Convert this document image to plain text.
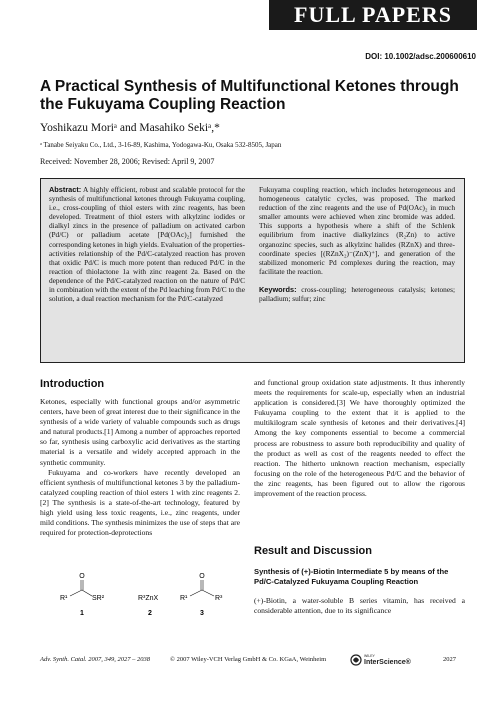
FULL PAPERS
DOI: 10.1002/adsc.200600610
A Practical Synthesis of Multifunctional Ketones through the Fukuyama Coupling Reaction
Yoshikazu Moriᵃ and Masahiko Sekiᵃ,*
ᵃ Tanabe Seiyaku Co., Ltd., 3-16-89, Kashima, Yodogawa-Ku, Osaka 532-8505, Japan
Received: November 28, 2006; Revised: April 9, 2007
Abstract: A highly efficient, robust and scalable protocol for the synthesis of multifunctional ketones through Fukuyama coupling, i.e., cross-coupling of thiol esters with zinc reagents, has been developed. Treatment of thiol esters with alkylzinc iodides or dialkyl zincs in the presence of palladium on activated carbon (Pd/C) or palladium acetate [Pd(OAc)₂] furnished the corresponding ketones in high yields. Evaluation of the properties-activities relationship of the Pd/C-catalyzed reaction has proven that oxidic Pd/C is much more potent than reduced Pd/C in the reaction of thiolactone 1a with zinc reagent 2a. Based on the dependence of the Pd/C-catalyzed reaction on the nature of Pd/C in combination with the extent of the Pd leaching from Pd/C to the solution, a dual reaction mechanism for the Pd/C-catalyzed
Fukuyama coupling reaction, which includes heterogeneous and homogeneous catalytic cycles, was proposed. The marked reduction of the zinc reagents and the use of Pd(OAc)₂ in much smaller amounts were achieved when zinc bromide was added. This supports a hypothesis where a shift of the Schlenk equilibrium from inactive dialkylzincs (R₂Zn) to active organozinc species, such as alkylzinc halides (RZnX) and three-coordinate species [(RZnX₂)⁻(ZnX)⁺], and generation of the stabilized monomeric Pd complexes during the reaction, may facilitate the reaction.
Keywords: cross-coupling; heterogeneous catalysis; ketones; palladium; sulfur; zinc
Introduction

Ketones, especially with functional groups and/or asymmetric centers, have been of great interest due to their significance in the synthesis of a wide variety of valuable compounds such as drugs and natural products.[1] Among a number of approaches reported so far, synthesis using carboxylic acid derivatives as the starting material is a versatile and widely accepted approach in the synthetic community.

Fukuyama and co-workers have recently developed an efficient synthesis of multifunctional ketones 3 by the palladium-catalyzed coupling reaction of thiol esters 1 with zinc reagents 2.[2] The synthesis is a state-of-the-art technology, featured by high yield using less toxic reagents, i.e., zinc reagents, under mild conditions. The synthesis minimizes the use of steps that are required for protection-deprotections

O
R¹	SR²
1
R³ZnX
2
O
R¹	R³
3

and functional group oxidation state adjustments. It thus inherently meets the requirements for scale-up, especially when an industrial application is considered.[3] We have thoroughly optimized the Fukuyama coupling to the extent that it is applied to the multikilogram scale synthesis of ketones and their derivatives.[4] Among the key components essential to become a commercial process are robustness to assure both reproducibility and quality of the product as well as cost of the reagents needed to effect the reaction. The hitherto unknown reaction mechanism, especially focusing on the role of the heterogeneous Pd/C and the behavior of the zinc reagents, has been figured out to allow the rigorous improvement of the reaction process.

Result and Discussion
Synthesis of (+)-Biotin Intermediate 5 by means of the Pd/C-Catalyzed Fukuyama Coupling Reaction

(+)-Biotin, a water-soluble B series vitamin, has received a considerable attention, due to its significance

Adv. Synth. Catal. 2007, 349, 2027 – 2038	© 2007 Wiley-VCH Verlag GmbH & Co. KGaA, Weinheim	WILEY
InterScience®	2027
